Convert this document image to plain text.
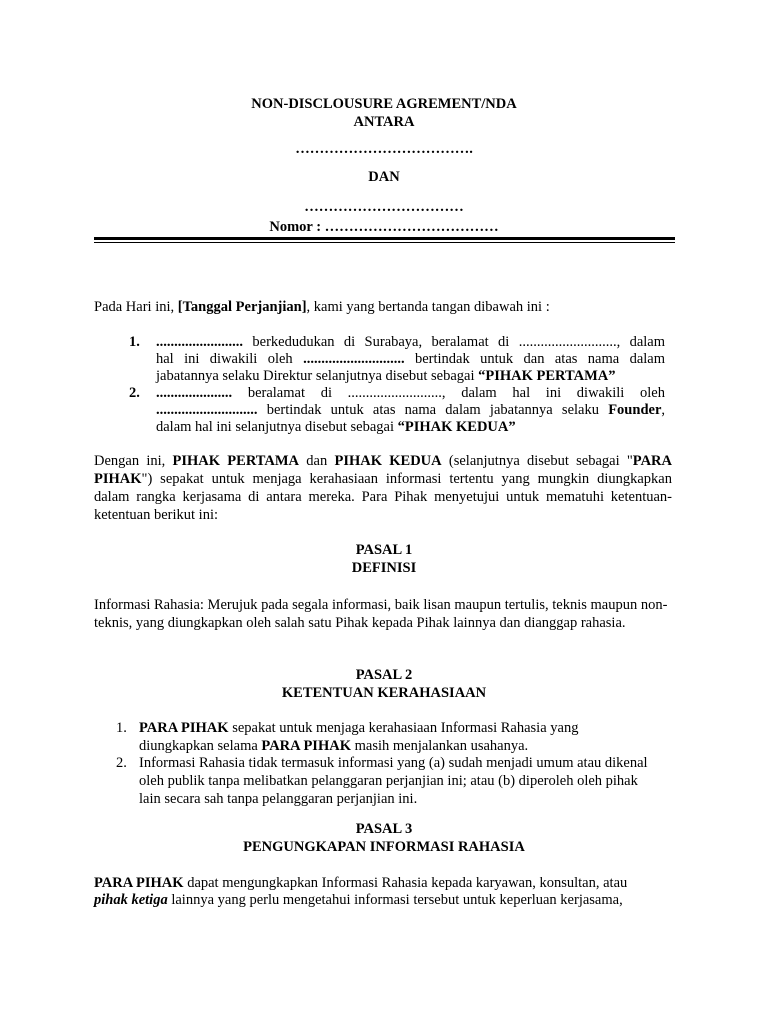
NON-DISCLOUSURE AGREMENT/NDA
ANTARA
……………………………….
DAN
……………………………
Nomor : ………………………………

Pada Hari ini, [Tanggal Perjanjian], kami yang bertanda tangan dibawah ini :

1. ........................ berkedudukan di Surabaya, beralamat di ..........................., dalam
hal ini diwakili oleh ............................ bertindak untuk dan atas nama dalam
jabatannya selaku Direktur selanjutnya disebut sebagai “PIHAK PERTAMA”
2. ..................... beralamat di .........................., dalam hal ini diwakili oleh
............................ bertindak untuk atas nama dalam jabatannya selaku Founder,
dalam hal ini selanjutnya disebut sebagai “PIHAK KEDUA”

Dengan ini, PIHAK PERTAMA dan PIHAK KEDUA (selanjutnya disebut sebagai "PARA PIHAK") sepakat untuk menjaga kerahasiaan informasi tertentu yang mungkin diungkapkan dalam rangka kerjasama di antara mereka. Para Pihak menyetujui untuk mematuhi ketentuan-ketentuan berikut ini:

PASAL 1
DEFINISI

Informasi Rahasia: Merujuk pada segala informasi, baik lisan maupun tertulis, teknis maupun non-teknis, yang diungkapkan oleh salah satu Pihak kepada Pihak lainnya dan dianggap rahasia.

PASAL 2
KETENTUAN KERAHASIAAN
1. PARA PIHAK sepakat untuk menjaga kerahasiaan Informasi Rahasia yang diungkapkan selama PARA PIHAK masih menjalankan usahanya.

2. Informasi Rahasia tidak termasuk informasi yang (a) sudah menjadi umum atau dikenal oleh publik tanpa melibatkan pelanggaran perjanjian ini; atau (b) diperoleh oleh pihak lain secara sah tanpa pelanggaran perjanjian ini.

PASAL 3
PENGUNGKAPAN INFORMASI RAHASIA
PARA PIHAK dapat mengungkapkan Informasi Rahasia kepada karyawan, konsultan, atau
pihak ketiga lainnya yang perlu mengetahui informasi tersebut untuk keperluan kerjasama,
